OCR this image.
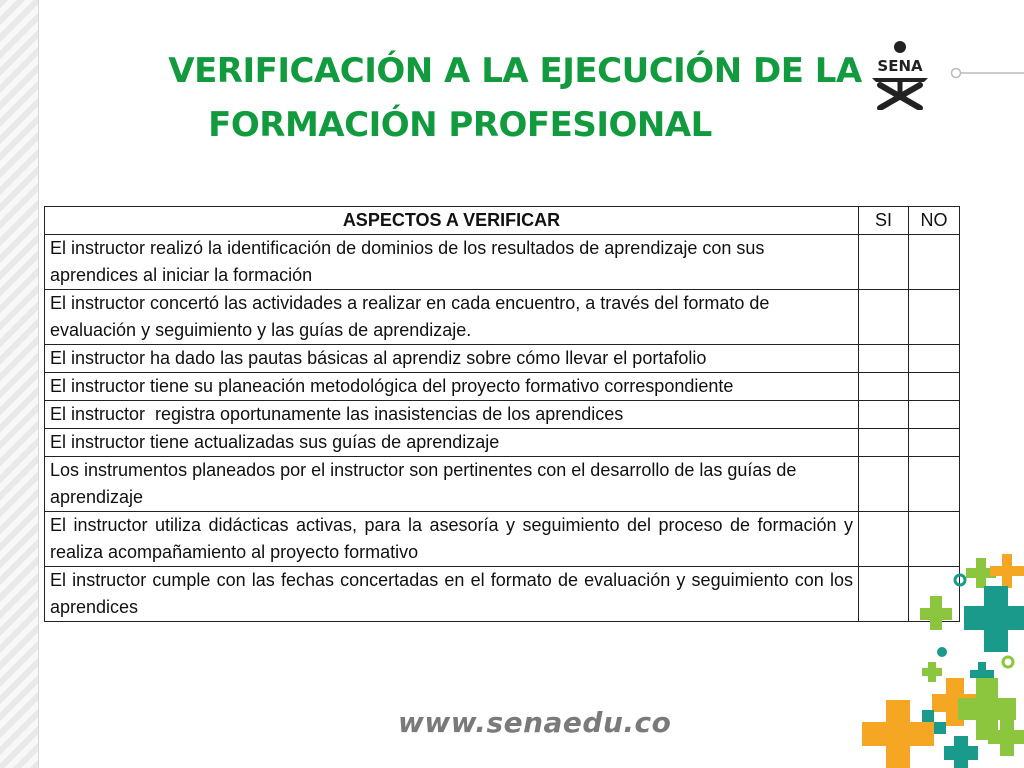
VERIFICACIÓN A LA EJECUCIÓN DE LA
FORMACIÓN PROFESIONAL
SENA
ASPECTOS A VERIFICAR	SI	NO
El instructor realizó la identificación de dominios de los resultados de aprendizaje con sus aprendices al iniciar la formación		
El instructor concertó las actividades a realizar en cada encuentro, a través del formato de evaluación y seguimiento y las guías de aprendizaje.		
El instructor ha dado las pautas básicas al aprendiz sobre cómo llevar el portafolio		
El instructor tiene su planeación metodológica del proyecto formativo correspondiente		
El instructor  registra oportunamente las inasistencias de los aprendices		
El instructor tiene actualizadas sus guías de aprendizaje		
Los instrumentos planeados por el instructor son pertinentes con el desarrollo de las guías de aprendizaje		
El instructor utiliza didácticas activas, para la asesoría y seguimiento del proceso de formación y realiza acompañamiento al proyecto formativo		
El instructor cumple con las fechas concertadas en el formato de evaluación y seguimiento con los aprendices		
www.senaedu.co
